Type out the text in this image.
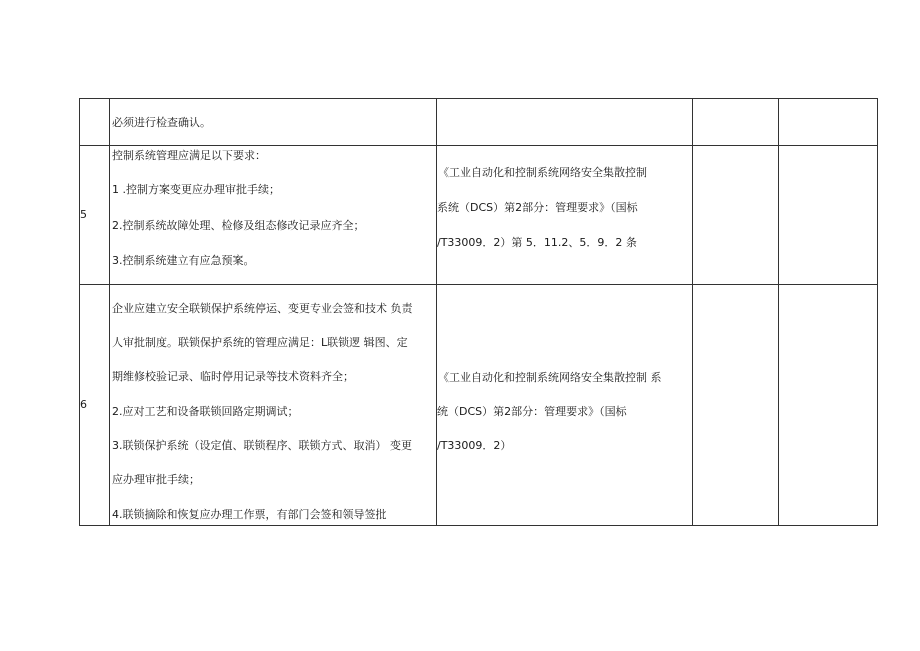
必须进行检查确认。
5
控制系统管理应满足以下要求：
1 .控制方案变更应办理审批手续；
2.控制系统故障处理、检修及组态修改记录应齐全；
3.控制系统建立有应急预案。
《工业自动化和控制系统网络安全集散控制
系统（DCS）第2部分：管理要求》（国标
/T33009．2）第 5．11.2、5．9．2 条
6
企业应建立安全联锁保护系统停运、变更专业会签和技术 负责
人审批制度。联锁保护系统的管理应满足：L联锁逻 辑图、定
期维修校验记录、临时停用记录等技术资料齐全；
2.应对工艺和设备联锁回路定期调试；
3.联锁保护系统（设定值、联锁程序、联锁方式、取消） 变更
应办理审批手续；
4.联锁摘除和恢复应办理工作票，有部门会签和领导签批
《工业自动化和控制系统网络安全集散控制 系
统（DCS）第2部分：管理要求》（国标
/T33009．2）
